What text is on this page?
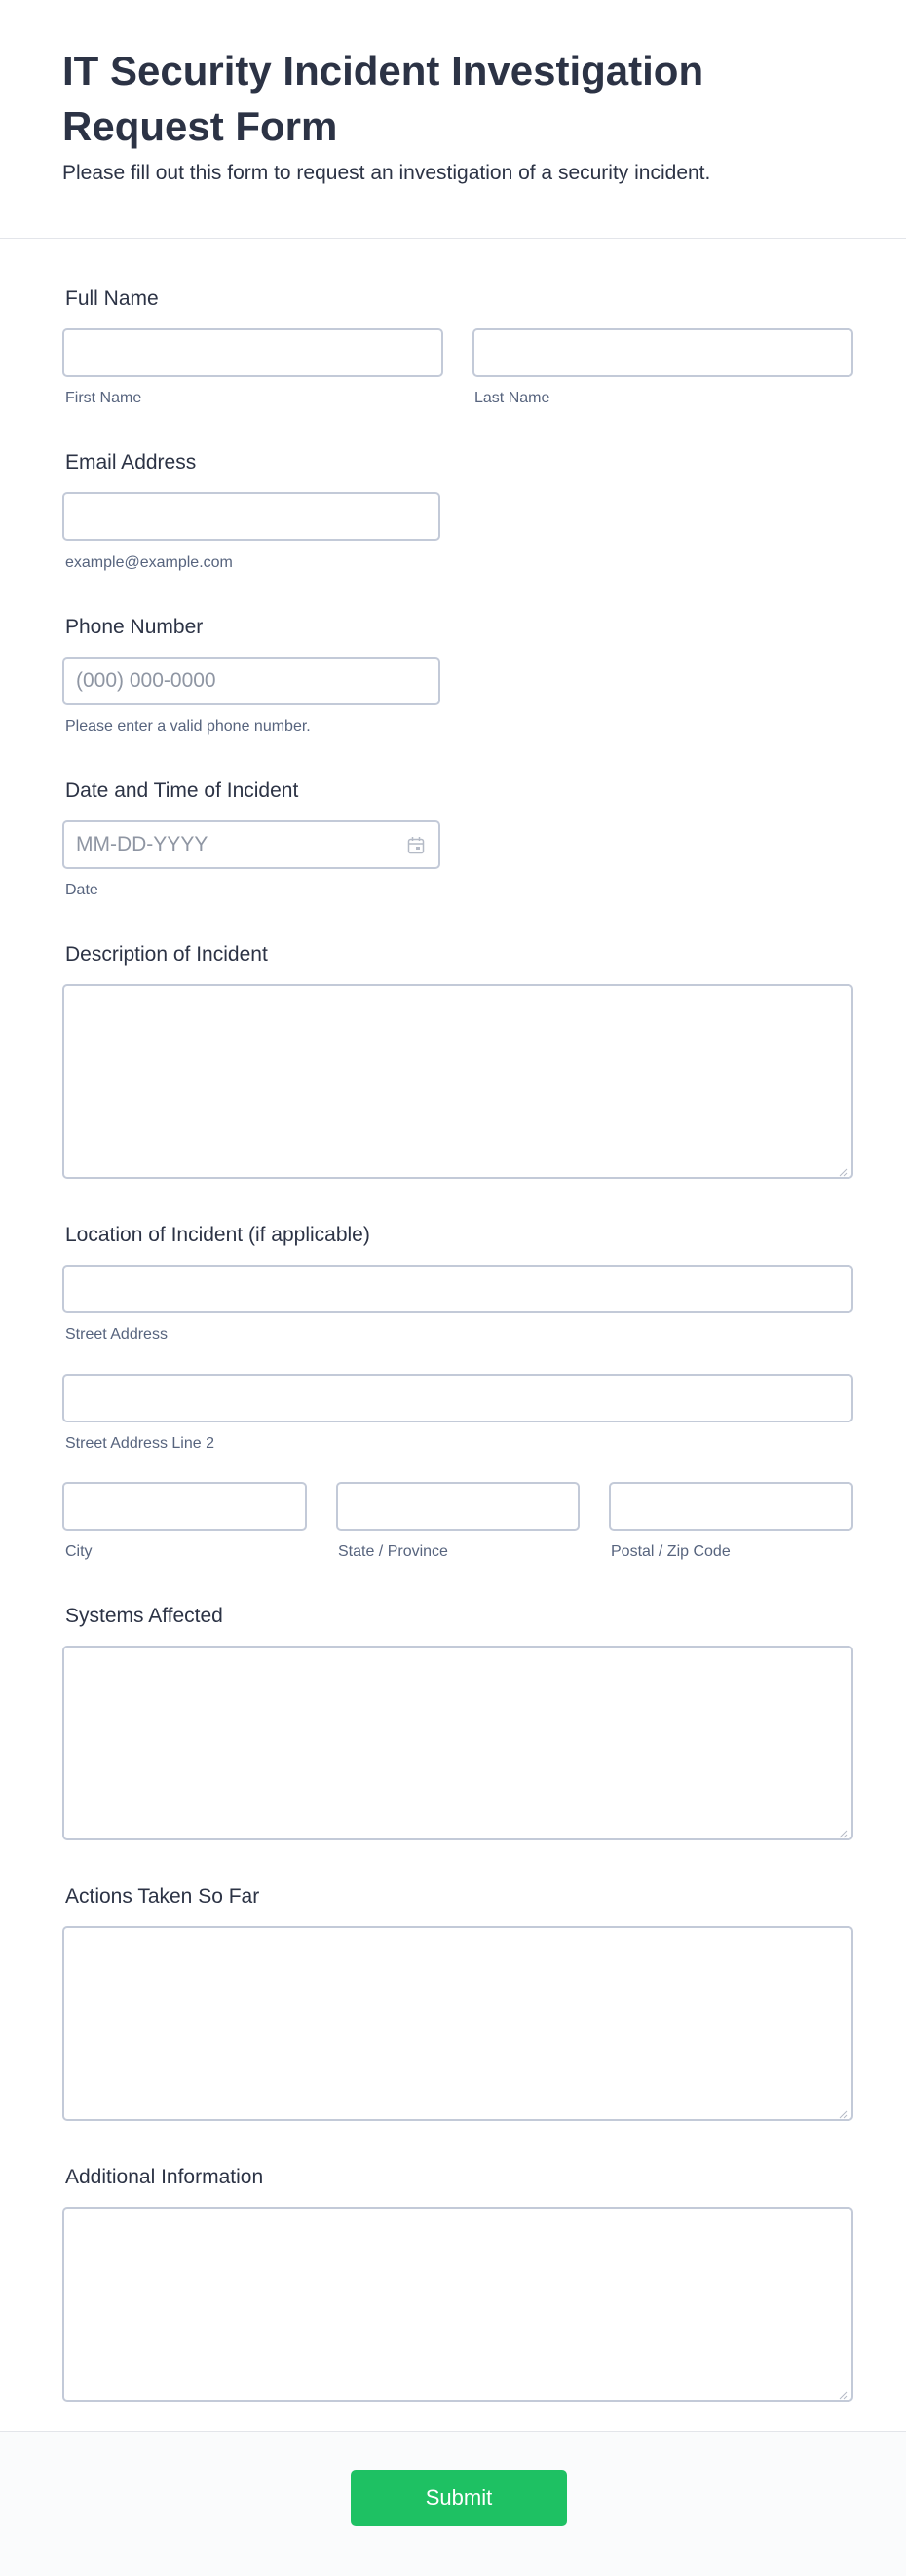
IT Security Incident Investigation Request Form

Please fill out this form to request an investigation of a security incident.

Full Name
First Name	Last Name
Email Address
example@example.com
Phone Number
(000) 000-0000
Please enter a valid phone number.
Date and Time of Incident
MM-DD-YYYY
Date
Description of Incident
Location of Incident (if applicable)
Street Address
Street Address Line 2
City	State / Province	Postal / Zip Code
Systems Affected
Actions Taken So Far
Additional Information
Submit
